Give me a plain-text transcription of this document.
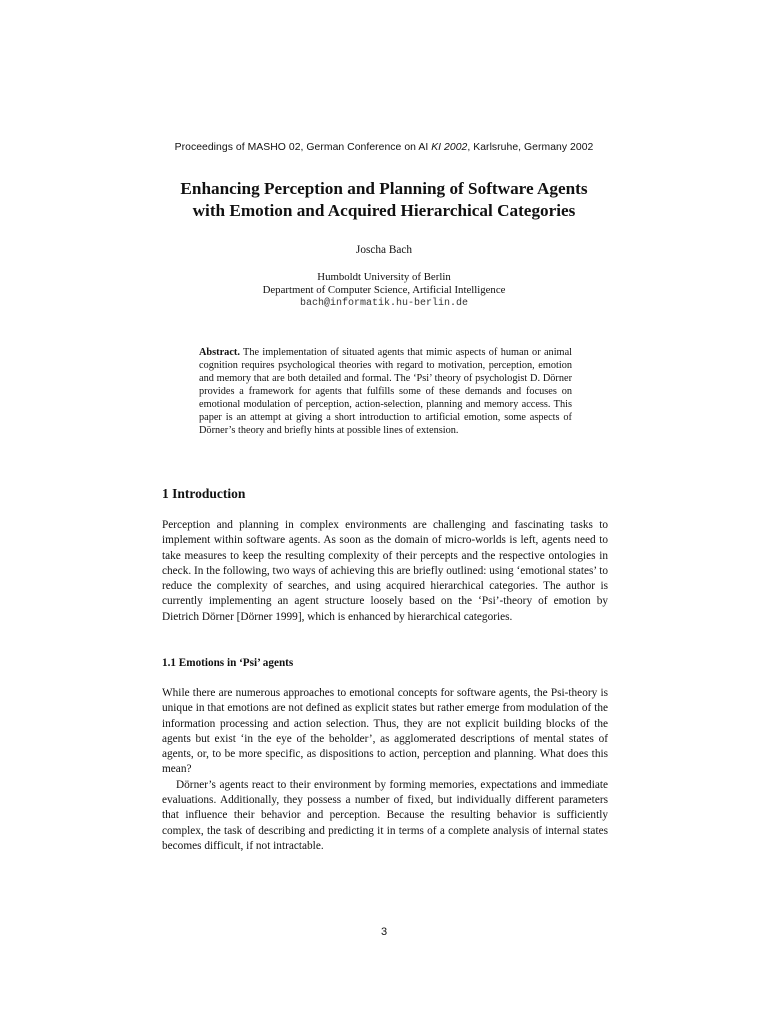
Proceedings of MASHO 02, German Conference on AI KI 2002, Karlsruhe, Germany 2002
Enhancing Perception and Planning of Software Agents
with Emotion and Acquired Hierarchical Categories
Joscha Bach
Humboldt University of Berlin
Department of Computer Science, Artificial Intelligence
bach@informatik.hu-berlin.de
Abstract. The implementation of situated agents that mimic aspects of human or animal cognition requires psychological theories with regard to motivation, perception, emotion and memory that are both detailed and formal. The ‘Psi’ theory of psychologist D. Dörner provides a framework for agents that fulfills some of these demands and focuses on emotional modulation of perception, action-selection, planning and memory access. This paper is an attempt at giving a short introduction to artificial emotion, some aspects of Dörner’s theory and briefly hints at possible lines of extension.
1 Introduction

Perception and planning in complex environments are challenging and fascinating tasks to implement within software agents. As soon as the domain of micro-worlds is left, agents need to take measures to keep the resulting complexity of their percepts and the respective ontologies in check. In the following, two ways of achieving this are briefly outlined: using ‘emotional states’ to reduce the complexity of searches, and using acquired hierarchical categories. The author is currently implementing an agent structure loosely based on the ‘Psi’-theory of emotion by Dietrich Dörner [Dörner 1999], which is enhanced by hierarchical categories.

1.1 Emotions in ‘Psi’ agents

While there are numerous approaches to emotional concepts for software agents, the Psi-theory is unique in that emotions are not defined as explicit states but rather emerge from modulation of the information processing and action selection. Thus, they are not explicit building blocks of the agents but exist ‘in the eye of the beholder’, as agglomerated descriptions of mental states of agents, or, to be more specific, as dispositions to action, perception and planning. What does this mean?

Dörner’s agents react to their environment by forming memories, expectations and immediate evaluations. Additionally, they possess a number of fixed, but individually different parameters that influence their behavior and perception. Because the resulting behavior is sufficiently complex, the task of describing and predicting it in terms of a complete analysis of internal states becomes difficult, if not intractable.

3
